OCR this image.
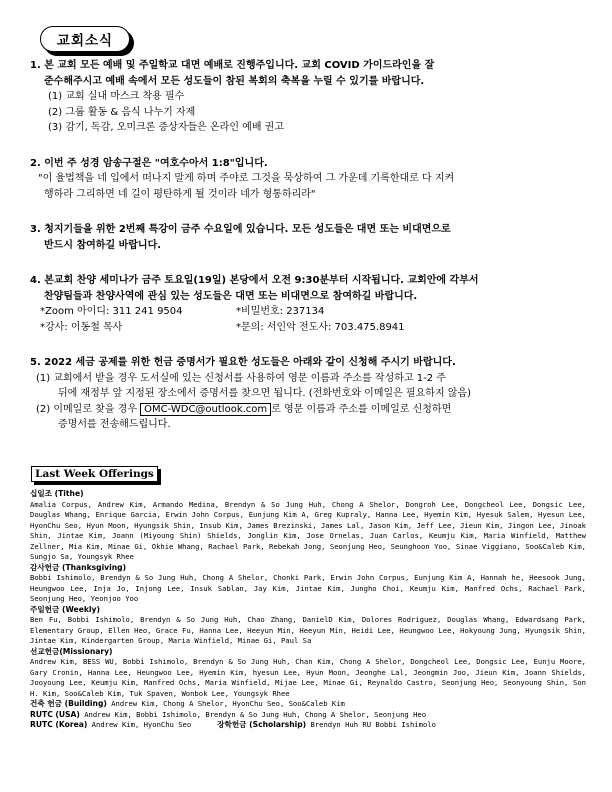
교회소식
1. 본 교회 모든 예배 및 주일학교 대면 예배로 진행주입니다. 교회 COVID 가이드라인을 잘
준수해주시고 예배 속에서 모든 성도들이 참된 복회의 축복을 누릴 수 있기를 바랍니다.
(1) 교회 실내 마스크 착용 필수
(2) 그룹 활동 & 음식 나누기 자제
(3) 감기, 독감, 오미크론 증상자들은 온라인 예배 권고
2. 이번 주 성경 암송구절은 "여호수아서 1:8"입니다.
"이 율법책을 네 입에서 떠나지 말게 하며 주야로 그것을 묵상하여 그 가운데 기록한대로 다 지켜
행하라 그리하면 네 길이 평탄하게 될 것이라 네가 형통하리라"
3. 청지기들을 위한 2번째 특강이 금주 수요일에 있습니다. 모든 성도들은 대면 또는 비대면으로
반드시 참여하길 바랍니다.
4. 본교회 찬양 세미나가 금주 토요일(19일) 본당에서 오전 9:30분부터 시작됩니다. 교회안에 각부서
찬양팀들과 찬양사역에 관심 있는 성도들은 대면 또는 비대면으로 참여하길 바랍니다.
*Zoom 아이디: 311 241 9504	*비밀번호: 237134
*강사: 이동철 목사	*문의: 서인악 전도사: 703.475.8941
5. 2022 세금 공제를 위한 헌금 증명서가 필요한 성도들은 아래와 같이 신청해 주시기 바랍니다.
(1) 교회에서 받을 경우 도서실에 있는 신청서를 사용하여 영문 이름과 주소를 작성하고 1-2 주
뒤에 재정부 앞 지정된 장소에서 증명서를 찾으면 됩니다. (전화번호와 이메일은 필요하지 않음)
(2) 이메일로 찾을 경우 OMC-WDC@outlook.com 로 영문 이름과 주소를 이메일로 신청하면
증명서를 전송해드립니다.
Last Week Offerings

십일조 (Tithe)

Amalia Corpus, Andrew Kim, Armando Medina, Brendyn & So Jung Huh, Chong A Shelor, Dongroh Lee, Dongcheol Lee, Dongsic Lee, Douglas Whang, Enrique Garcia, Erwin John Corpus, Eunjung Kim A, Greg Kupraly, Hanna Lee, Hyemin Kim, Hyesuk Salem, Hyesun Lee, HyonChu Seo, Hyun Moon, Hyungsik Shin, Insub Kim, James Brezinski, James Lal, Jason Kim, Jeff Lee, Jieun Kim, Jingon Lee, Jinoak Shin, Jintae Kim, Joann (Miyoung Shin) Shields, Jonglin Kim, Jose Ornelas, Juan Carlos, Keumju Kim, Maria Winfield, Matthew Zellner, Mia Kim, Minae Gi, Okhie Whang, Rachael Park, Rebekah Jong, Seonjung Heo, Seunghoon Yoo, Sinae Viggiano, Soo&Caleb Kim, Sungjo Sa, Youngsyk Rhee

감사헌금 (Thanksgiving)

Bobbi Ishimolo, Brendyn & So Jung Huh, Chong A Shelor, Chonki Park, Erwin John Corpus, Eunjung Kim A, Hannah he, Heesook Jung, Heungwoo Lee, Inja Jo, Injong Lee, Insuk Sablan, Jay Kim, Jintae Kim, Jungho Choi, Keumju Kim, Manfred Ochs, Rachael Park, Seonjung Heo, Yeonjoo Yoo

주일헌금 (Weekly)

Ben Fu, Bobbi Ishimolo, Brendyn & So Jung Huh, Chao Zhang, DanielD Kim, Dolores Rodriguez, Douglas Whang, Edwardsang Park, Elementary Group, Ellen Heo, Grace Fu, Hanna Lee, Heeyun Min, Heeyun Min, Heidi Lee, Heungwoo Lee, Hokyoung Jung, Hyungsik Shin, Jintae Kim, Kindergarten Group, Maria Winfield, Minae Gi, Paul Sa

선교헌금(Missionary)

Andrew Kim, BESS WU, Bobbi Ishimolo, Brendyn & So Jung Huh, Chan Kim, Chong A Shelor, Dongcheol Lee, Dongsic Lee, Eunju Moore, Gary Cronin, Hanna Lee, Heungwoo Lee, Hyemin Kim, hyesun Lee, Hyun Moon, Jeonghe Lal, Jeongmin Joo, Jieun Kim, Joann Shields, Jooyoung Lee, Keumju Kim, Manfred Ochs, Maria Winfield, Mijae Lee, Minae Gi, Reynaldo Castro, Seonjung Heo, Seonyoung Shin, Son H. Kim, Soo&Caleb Kim, Tuk Spaven, Wonbok Lee, Youngsyk Rhee

건축 헌금 (Building) Andrew Kim, Chong A Shelor, HyonChu Seo, Soo&Caleb Kim

RUTC (USA) Andrew Kim, Bobbi Ishimolo, Brendyn & So Jung Huh, Chong A Shelor, Seonjung Heo

RUTC (Korea) Andrew Kim, HyonChu Seo	장학헌금 (Scholarship) Brendyn Huh RU Bobbi Ishimolo
